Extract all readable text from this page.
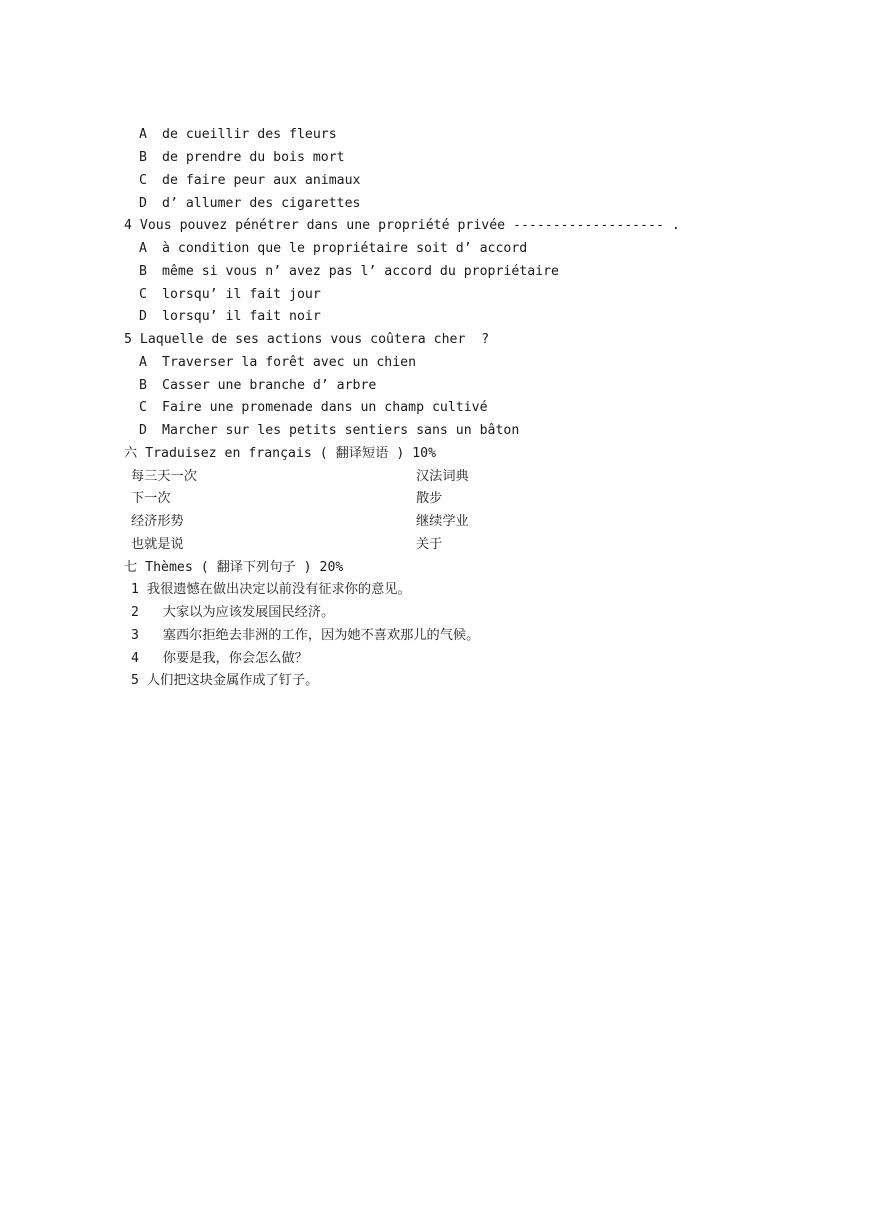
A de cueillir des fleurs
B de prendre du bois mort
C de faire peur aux animaux
D d’ allumer des cigarettes
4 Vous pouvez pénétrer dans une propriété privée ------------------- .
A à condition que le propriétaire soit d’ accord
B même si vous n’ avez pas l’ accord du propriétaire
C lorsqu’ il fait jour
D lorsqu’ il fait noir
5 Laquelle de ses actions vous coûtera cher  ?
A Traverser la forêt avec un chien
B Casser une branche d’ arbre
C Faire une promenade dans un champ cultivé
D Marcher sur les petits sentiers sans un bâton
六 Traduisez en français ( 翻译短语 ) 10%
每三天一次	汉法词典
下一次	散步
经济形势	继续学业
也就是说	关于
七 Thèmes ( 翻译下列句子 ) 20%
1 我很遗憾在做出决定以前没有征求你的意见。
2   大家以为应该发展国民经济。
3   塞西尔拒绝去非洲的工作，因为她不喜欢那儿的气候。
4   你要是我，你会怎么做？
5 人们把这块金属作成了钉子。
